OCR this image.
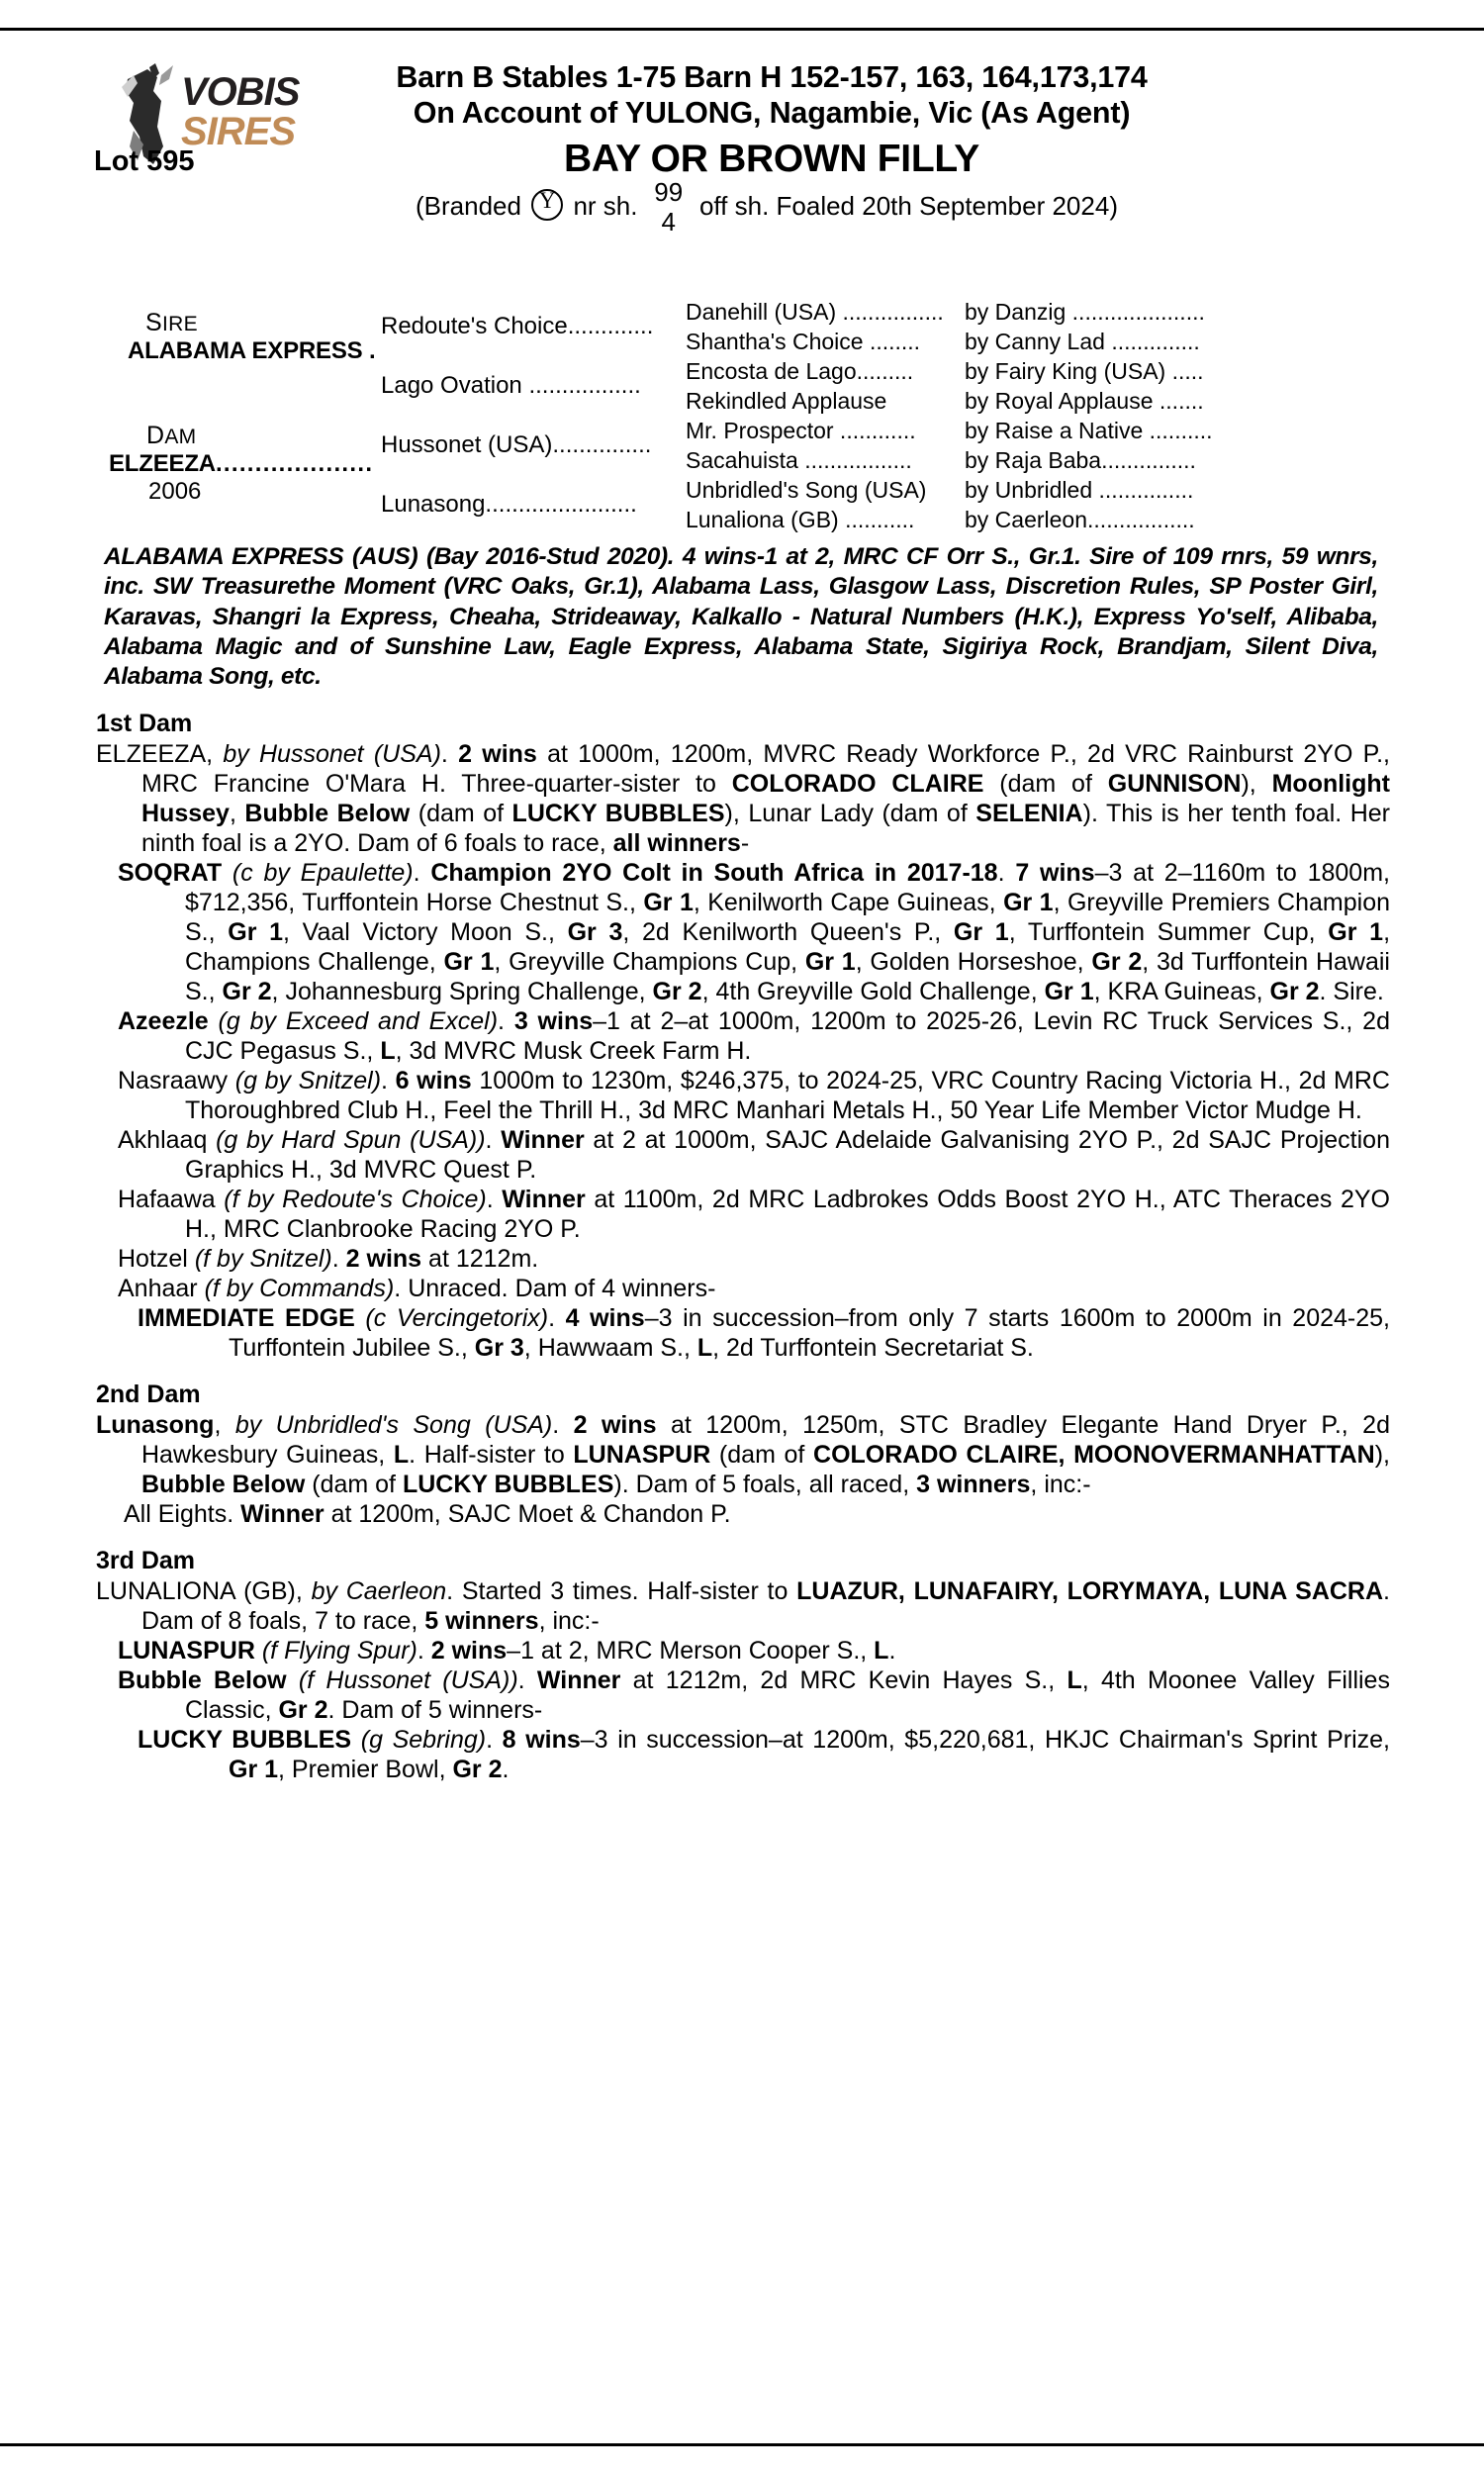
VOBIS
SIRES
Barn B Stables 1-75 Barn H 152-157, 163, 164,173,174
On Account of YULONG, Nagambie, Vic (As Agent)
Lot 595	BAY OR BROWN FILLY
(Branded Y nr sh. 99
4
off sh. Foaled 20th September 2024)
SIRE
ALABAMA EXPRESS .
DAM
ELZEEZA....................
2006
Redoute's Choice.............
Lago Ovation .................
Hussonet (USA)...............
Lunasong.......................
Danehill (USA) ................
Shantha's Choice ........
Encosta de Lago.........
Rekindled Applause
Mr. Prospector ............
Sacahuista .................
Unbridled's Song (USA)
Lunaliona (GB) ...........
by Danzig .....................
by Canny Lad ..............
by Fairy King (USA) .....
by Royal Applause .......
by Raise a Native ..........
by Raja Baba...............
by Unbridled ...............
by Caerleon.................
ALABAMA EXPRESS (AUS) (Bay 2016-Stud 2020). 4 wins-1 at 2, MRC CF Orr S., Gr.1. Sire of 109 rnrs, 59 wnrs, inc. SW Treasurethe Moment (VRC Oaks, Gr.1), Alabama Lass, Glasgow Lass, Discretion Rules, SP Poster Girl, Karavas, Shangri la Express, Cheaha, Strideaway, Kalkallo - Natural Numbers (H.K.), Express Yo'self, Alibaba, Alabama Magic and of Sunshine Law, Eagle Express, Alabama State, Sigiriya Rock, Brandjam, Silent Diva, Alabama Song, etc.
1st Dam
ELZEEZA, by Hussonet (USA). 2 wins at 1000m, 1200m, MVRC Ready Workforce P., 2d VRC Rainburst 2YO P., MRC Francine O'Mara H. Three-quarter-sister to COLORADO CLAIRE (dam of GUNNISON), Moonlight Hussey, Bubble Below (dam of LUCKY BUBBLES), Lunar Lady (dam of SELENIA). This is her tenth foal. Her ninth foal is a 2YO. Dam of 6 foals to race, all winners-
SOQRAT (c by Epaulette). Champion 2YO Colt in South Africa in 2017-18. 7 wins–3 at 2–1160m to 1800m, $712,356, Turffontein Horse Chestnut S., Gr 1, Kenilworth Cape Guineas, Gr 1, Greyville Premiers Champion S., Gr 1, Vaal Victory Moon S., Gr 3, 2d Kenilworth Queen's P., Gr 1, Turffontein Summer Cup, Gr 1, Champions Challenge, Gr 1, Greyville Champions Cup, Gr 1, Golden Horseshoe, Gr 2, 3d Turffontein Hawaii S., Gr 2, Johannesburg Spring Challenge, Gr 2, 4th Greyville Gold Challenge, Gr 1, KRA Guineas, Gr 2. Sire.
Azeezle (g by Exceed and Excel). 3 wins–1 at 2–at 1000m, 1200m to 2025-26, Levin RC Truck Services S., 2d CJC Pegasus S., L, 3d MVRC Musk Creek Farm H.
Nasraawy (g by Snitzel). 6 wins 1000m to 1230m, $246,375, to 2024-25, VRC Country Racing Victoria H., 2d MRC Thoroughbred Club H., Feel the Thrill H., 3d MRC Manhari Metals H., 50 Year Life Member Victor Mudge H.
Akhlaaq (g by Hard Spun (USA)). Winner at 2 at 1000m, SAJC Adelaide Galvanising 2YO P., 2d SAJC Projection Graphics H., 3d MVRC Quest P.
Hafaawa (f by Redoute's Choice). Winner at 1100m, 2d MRC Ladbrokes Odds Boost 2YO H., ATC Theraces 2YO H., MRC Clanbrooke Racing 2YO P.
Hotzel (f by Snitzel). 2 wins at 1212m.
Anhaar (f by Commands). Unraced. Dam of 4 winners-
IMMEDIATE EDGE (c Vercingetorix). 4 wins–3 in succession–from only 7 starts 1600m to 2000m in 2024-25, Turffontein Jubilee S., Gr 3, Hawwaam S., L, 2d Turffontein Secretariat S.
2nd Dam
Lunasong, by Unbridled's Song (USA). 2 wins at 1200m, 1250m, STC Bradley Elegante Hand Dryer P., 2d Hawkesbury Guineas, L. Half-sister to LUNASPUR (dam of COLORADO CLAIRE, MOONOVERMANHATTAN), Bubble Below (dam of LUCKY BUBBLES). Dam of 5 foals, all raced, 3 winners, inc:-
All Eights. Winner at 1200m, SAJC Moet & Chandon P.
3rd Dam
LUNALIONA (GB), by Caerleon. Started 3 times. Half-sister to LUAZUR, LUNAFAIRY, LORYMAYA, LUNA SACRA. Dam of 8 foals, 7 to race, 5 winners, inc:-
LUNASPUR (f Flying Spur). 2 wins–1 at 2, MRC Merson Cooper S., L.
Bubble Below (f Hussonet (USA)). Winner at 1212m, 2d MRC Kevin Hayes S., L, 4th Moonee Valley Fillies Classic, Gr 2. Dam of 5 winners-
LUCKY BUBBLES (g Sebring). 8 wins–3 in succession–at 1200m, $5,220,681, HKJC Chairman's Sprint Prize, Gr 1, Premier Bowl, Gr 2.
